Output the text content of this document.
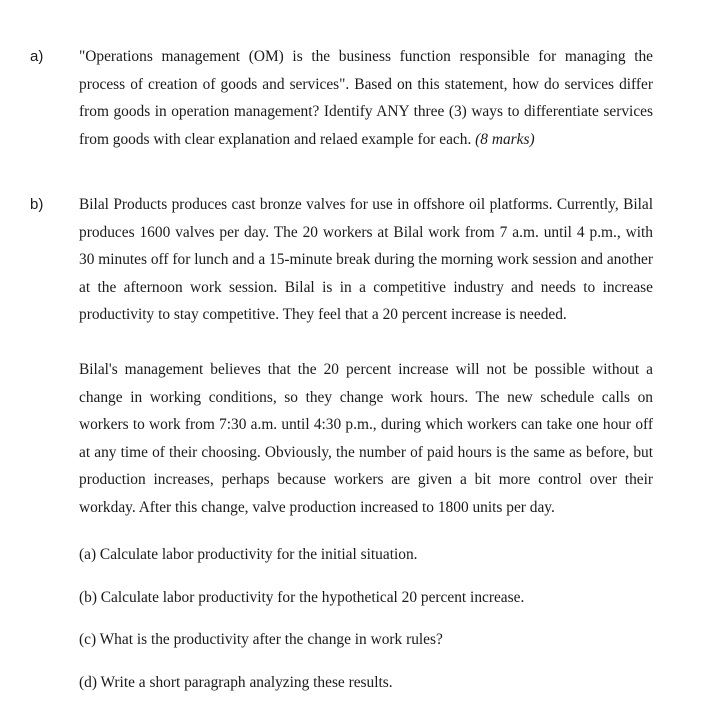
a) "Operations management (OM) is the business function responsible for managing the process of creation of goods and services". Based on this statement, how do services differ from goods in operation management? Identify ANY three (3) ways to differentiate services from goods with clear explanation and relaed example for each. (8 marks)

b) Bilal Products produces cast bronze valves for use in offshore oil platforms. Currently, Bilal produces 1600 valves per day. The 20 workers at Bilal work from 7 a.m. until 4 p.m., with 30 minutes off for lunch and a 15-minute break during the morning work session and another at the afternoon work session. Bilal is in a competitive industry and needs to increase productivity to stay competitive. They feel that a 20 percent increase is needed.

Bilal's management believes that the 20 percent increase will not be possible without a change in working conditions, so they change work hours. The new schedule calls on workers to work from 7:30 a.m. until 4:30 p.m., during which workers can take one hour off at any time of their choosing. Obviously, the number of paid hours is the same as before, but production increases, perhaps because workers are given a bit more control over their workday. After this change, valve production increased to 1800 units per day.

(a) Calculate labor productivity for the initial situation.

(b) Calculate labor productivity for the hypothetical 20 percent increase.

(c) What is the productivity after the change in work rules?

(d) Write a short paragraph analyzing these results.
